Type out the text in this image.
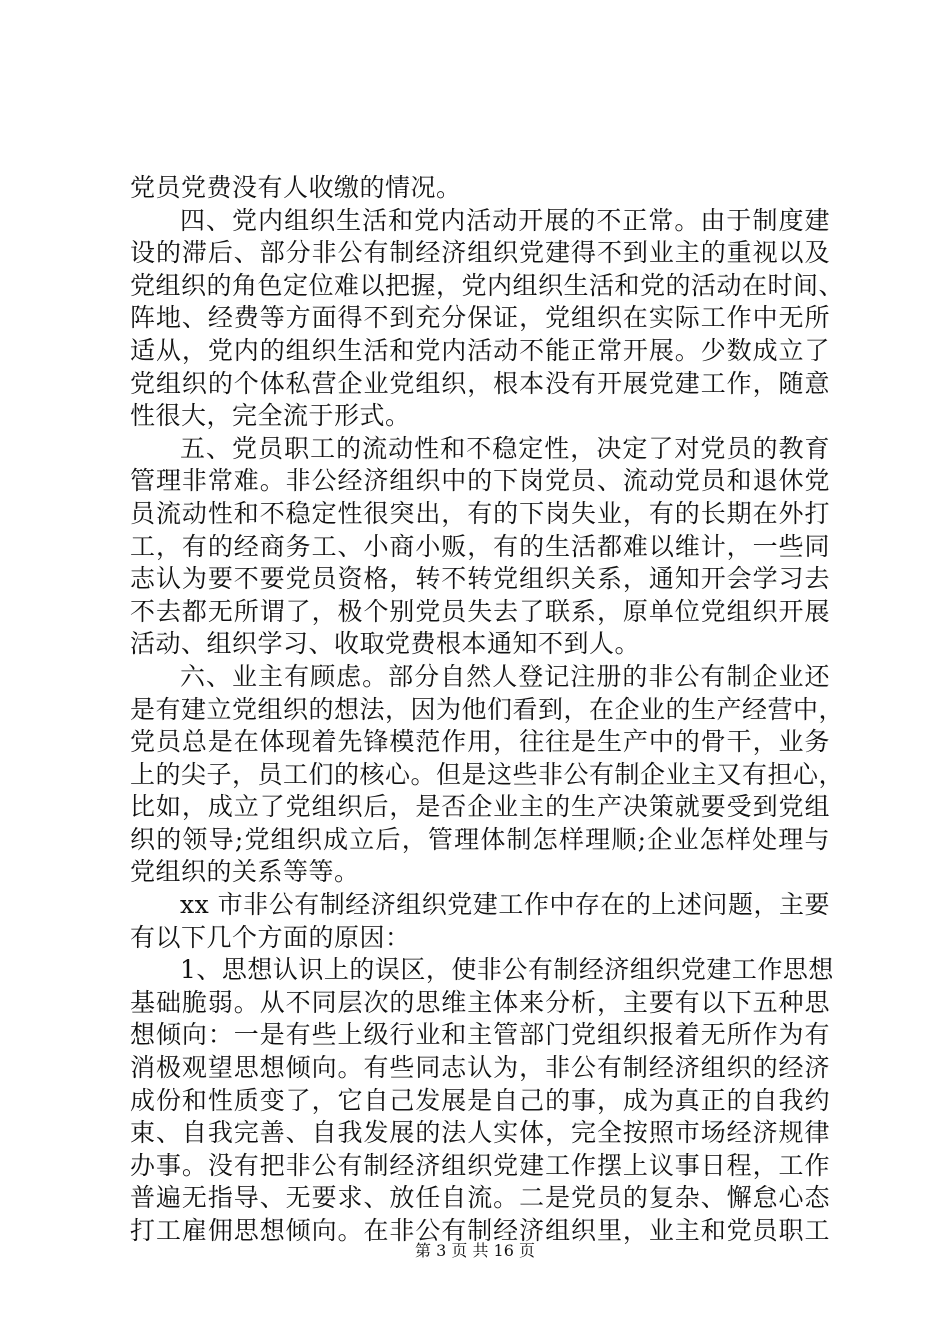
党员党费没有人收缴的情况。
四、党内组织生活和党内活动开展的不正常。由于制度建
设的滞后、部分非公有制经济组织党建得不到业主的重视以及
党组织的角色定位难以把握，党内组织生活和党的活动在时间、
阵地、经费等方面得不到充分保证，党组织在实际工作中无所
适从，党内的组织生活和党内活动不能正常开展。少数成立了
党组织的个体私营企业党组织，根本没有开展党建工作，随意
性很大，完全流于形式。
五、党员职工的流动性和不稳定性，决定了对党员的教育
管理非常难。非公经济组织中的下岗党员、流动党员和退休党
员流动性和不稳定性很突出，有的下岗失业，有的长期在外打
工，有的经商务工、小商小贩，有的生活都难以维计，一些同
志认为要不要党员资格，转不转党组织关系，通知开会学习去
不去都无所谓了，极个别党员失去了联系，原单位党组织开展
活动、组织学习、收取党费根本通知不到人。
六、业主有顾虑。部分自然人登记注册的非公有制企业还
是有建立党组织的想法，因为他们看到，在企业的生产经营中，
党员总是在体现着先锋模范作用，往往是生产中的骨干，业务
上的尖子，员工们的核心。但是这些非公有制企业主又有担心，
比如，成立了党组织后，是否企业主的生产决策就要受到党组
织的领导;党组织成立后，管理体制怎样理顺;企业怎样处理与
党组织的关系等等。
xx 市非公有制经济组织党建工作中存在的上述问题，主要
有以下几个方面的原因：
1、思想认识上的误区，使非公有制经济组织党建工作思想
基础脆弱。从不同层次的思维主体来分析，主要有以下五种思
想倾向：一是有些上级行业和主管部门党组织报着无所作为有
消极观望思想倾向。有些同志认为，非公有制经济组织的经济
成份和性质变了，它自己发展是自己的事，成为真正的自我约
束、自我完善、自我发展的法人实体，完全按照市场经济规律
办事。没有把非公有制经济组织党建工作摆上议事日程，工作
普遍无指导、无要求、放任自流。二是党员的复杂、懈怠心态
打工雇佣思想倾向。在非公有制经济组织里，业主和党员职工
第 3 页 共 16 页
